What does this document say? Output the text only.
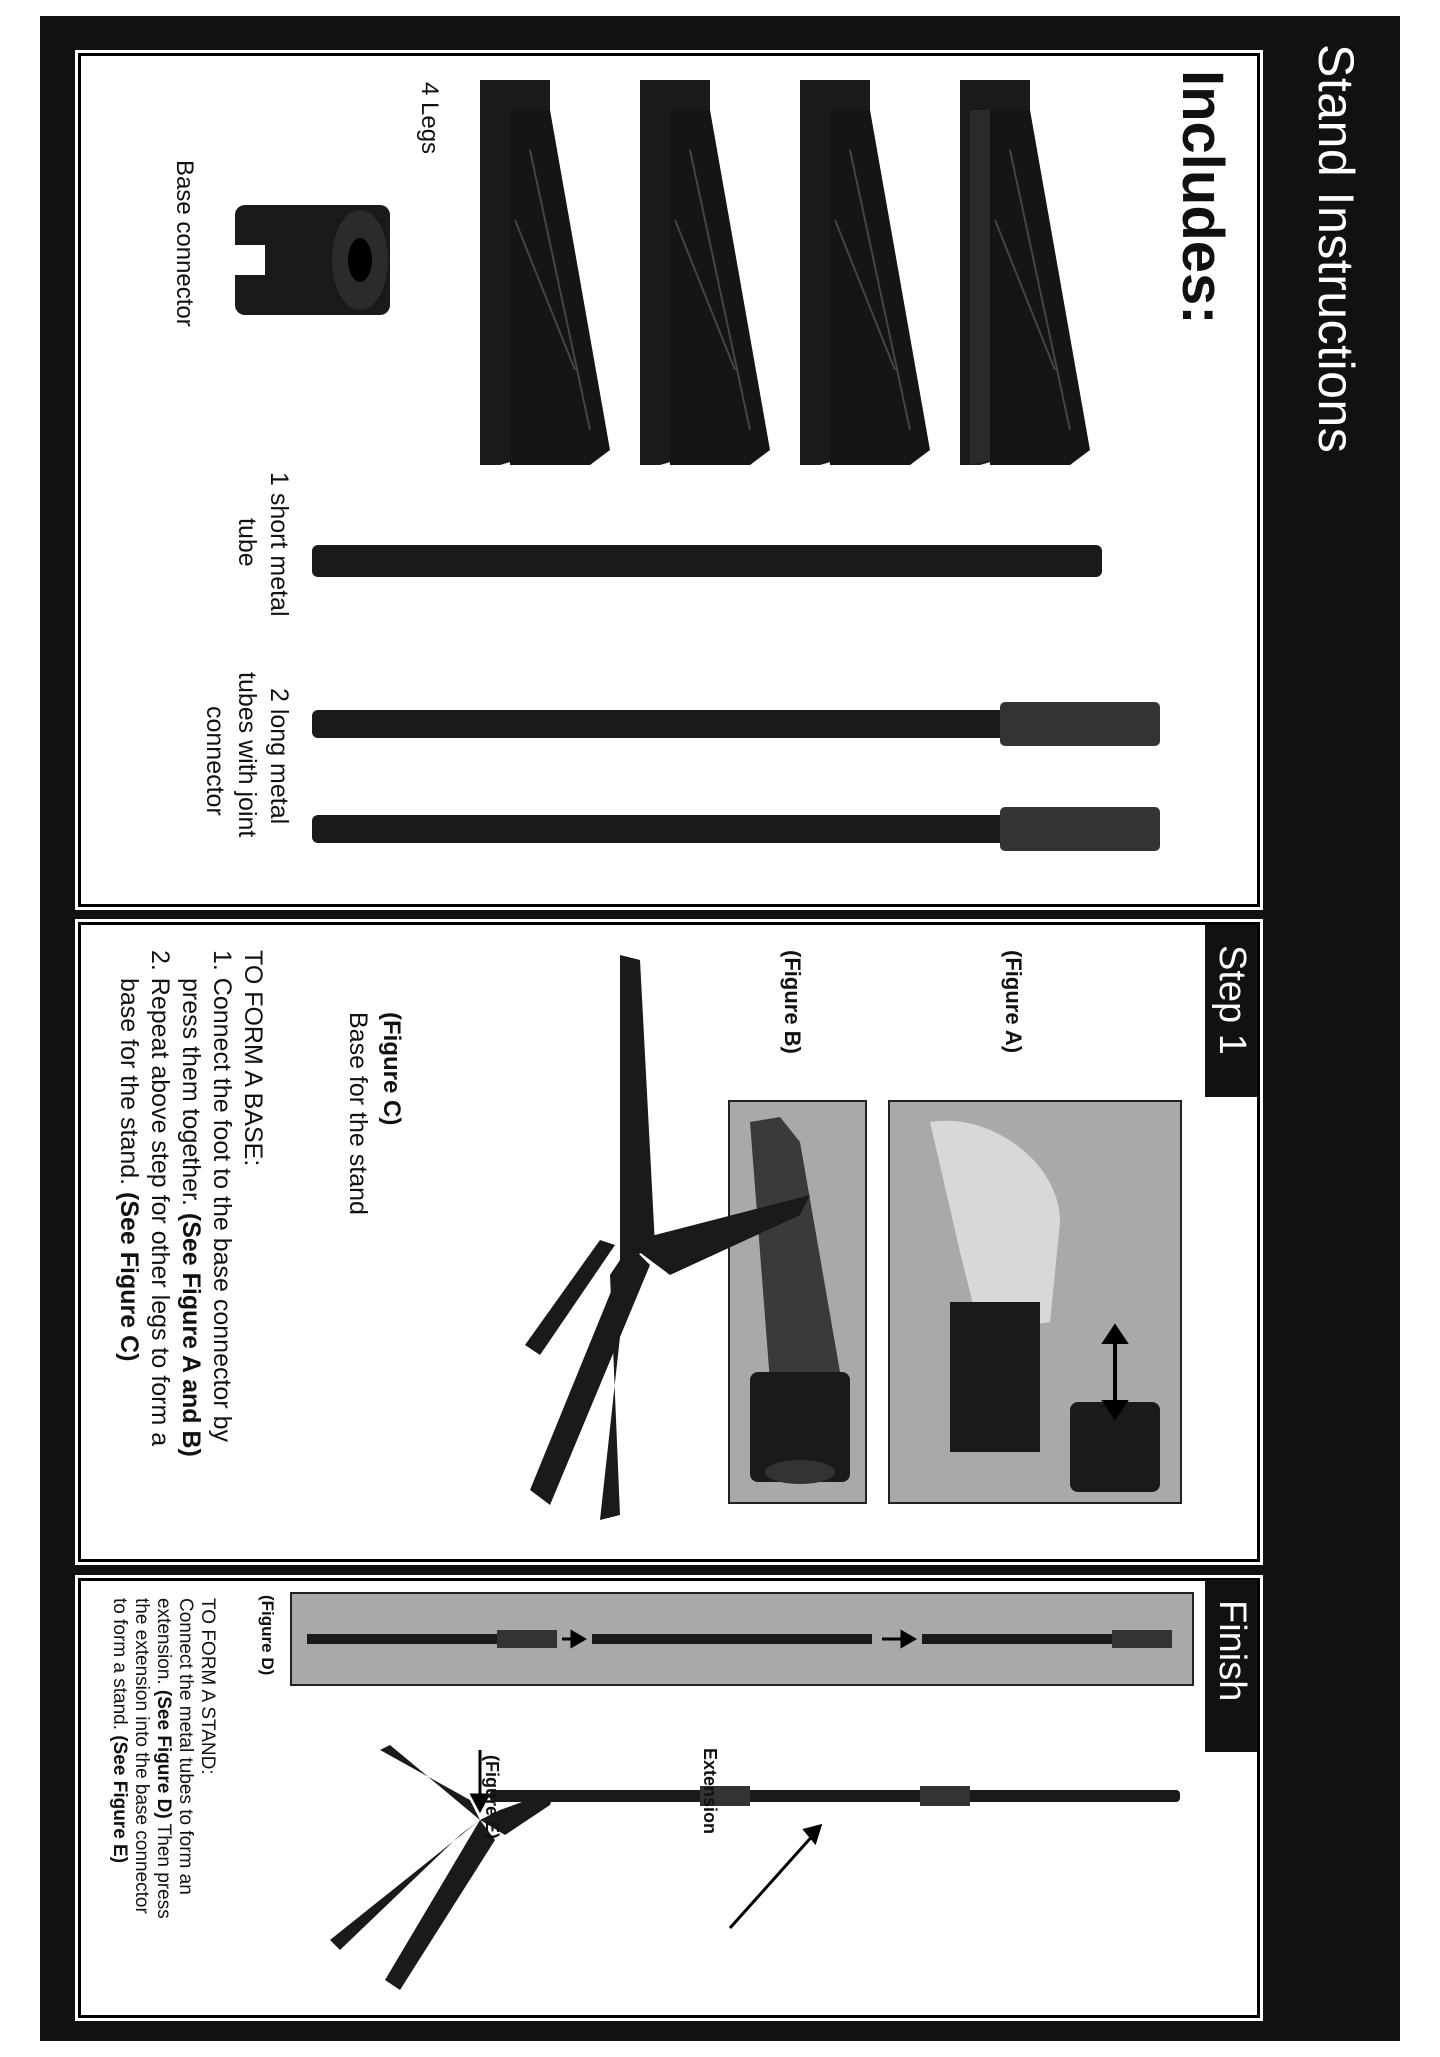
Stand Instructions
Includes:
4 Legs
Base connector
1 short metal
tube
2 long metal
tubes with joint
connector
Step 1
(Figure A)
(Figure B)
(Figure C)
Base for the stand
TO FORM A BASE:
1. Connect the foot to the base connector by
press them together. (See Figure A and B)
2. Repeat above step for other legs to form a
base for the stand. (See Figure C)
Finish
(Figure D)
(Figure E)	Extension
TO FORM A STAND:
Connect the metal tubes to form an
extension. (See Figure D) Then press
the extension into the base connector
to form a stand. (See Figure E)
